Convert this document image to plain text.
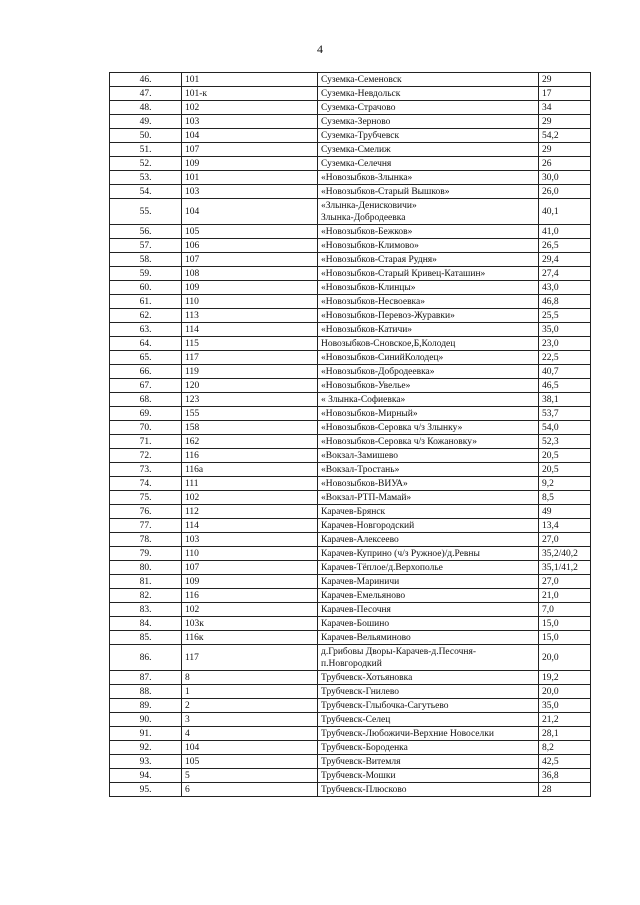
4
46.	101	Суземка-Семеновск	29
47.	101-к	Суземка-Невдольск	17
48.	102	Суземка-Страчово	34
49.	103	Суземка-Зерново	29
50.	104	Суземка-Трубчевск	54,2
51.	107	Суземка-Смелиж	29
52.	109	Суземка-Селечня	26
53.	101	«Новозыбков-Злынка»	30,0
54.	103	«Новозыбков-Старый Вышков»	26,0
55.	104	«Злынка-Денисковичи»
Злынка-Добродеевка	40,1
56.	105	«Новозыбков-Бежков»	41,0
57.	106	«Новозыбков-Климово»	26,5
58.	107	«Новозыбков-Старая Рудня»	29,4
59.	108	«Новозыбков-Старый Кривец-Каташин»	27,4
60.	109	«Новозыбков-Клинцы»	43,0
61.	110	«Новозыбков-Несвоевка»	46,8
62.	113	«Новозыбков-Перевоз-Журавки»	25,5
63.	114	«Новозыбков-Катичи»	35,0
64.	115	Новозыбков-Сновское,Б,Колодец	23,0
65.	117	«Новозыбков-СинийКолодец»	22,5
66.	119	«Новозыбков-Добродеевка»	40,7
67.	120	«Новозыбков-Увелье»	46,5
68.	123	« Злынка-Софиевка»	38,1
69.	155	«Новозыбков-Мирный»	53,7
70.	158	«Новозыбков-Серовка ч/з Злынку»	54,0
71.	162	«Новозыбков-Серовка ч/з Кожановку»	52,3
72.	116	«Вокзал-Замишево	20,5
73.	116а	«Вокзал-Тростань»	20,5
74.	111	«Новозыбков-ВИУА»	9,2
75.	102	«Вокзал-РТП-Мамай»	8,5
76.	112	Карачев-Брянск	49
77.	114	Карачев-Новгородский	13,4
78.	103	Карачев-Алексеево	27,0
79.	110	Карачев-Куприно (ч/з Ружное)/д.Ревны	35,2/40,2
80.	107	Карачев-Тёплое/д.Верхополье	35,1/41,2
81.	109	Карачев-Мариничи	27,0
82.	116	Карачев-Емельяново	21,0
83.	102	Карачев-Песочня	7,0
84.	103к	Карачев-Бошино	15,0
85.	116к	Карачев-Вельяминово	15,0
86.	117	д.Грибовы Дворы-Карачев-д.Песочня-
п.Новгородкий	20,0
87.	8	Трубчевск-Хотьяновка	19,2
88.	1	Трубчевск-Гнилево	20,0
89.	2	Трубчевск-Глыбочка-Сагутьево	35,0
90.	3	Трубчевск-Селец	21,2
91.	4	Трубчевск-Любожичи-Верхние Новоселки	28,1
92.	104	Трубчевск-Бороденка	8,2
93.	105	Трубчевск-Витемля	42,5
94.	5	Трубчевск-Мошки	36,8
95.	6	Трубчевск-Плюсково	28
